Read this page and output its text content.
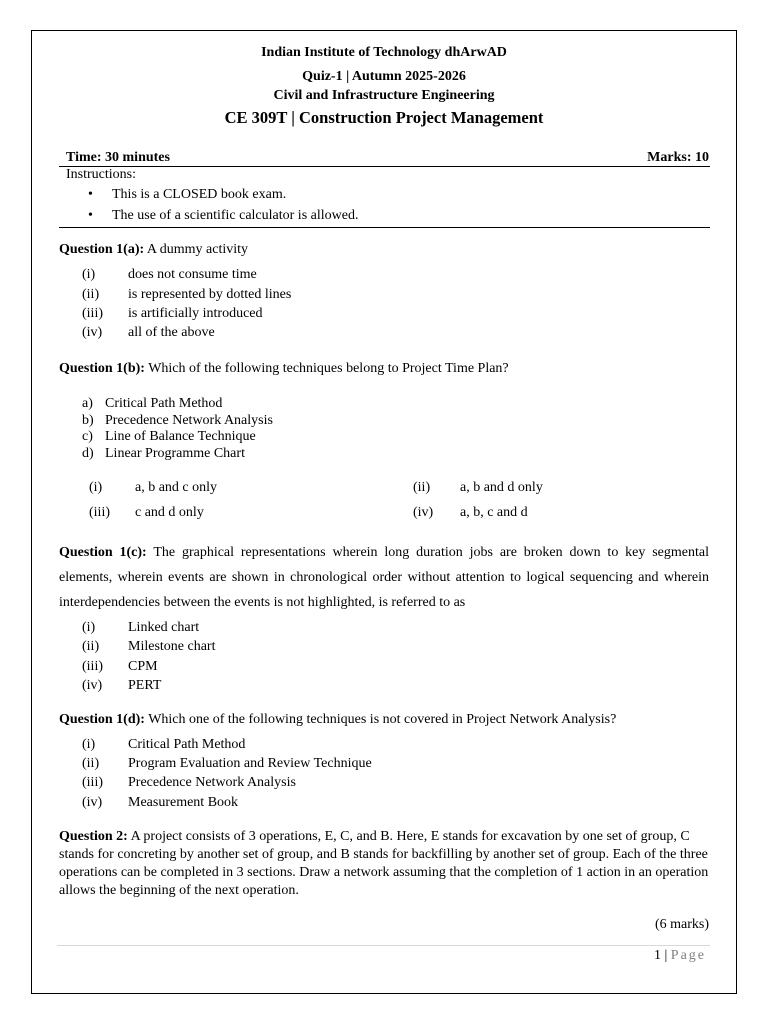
Indian Institute of Technology dhArwAD
Quiz-1 | Autumn 2025-2026
Civil and Infrastructure Engineering
CE 309T | Construction Project Management
Time: 30 minutes	Marks: 10
Instructions:
• This is a CLOSED book exam.
• The use of a scientific calculator is allowed.
Question 1(a): A dummy activity
(i) does not consume time
(ii) is represented by dotted lines
(iii) is artificially introduced
(iv) all of the above
Question 1(b): Which of the following techniques belong to Project Time Plan?
a) Critical Path Method
b) Precedence Network Analysis
c) Line of Balance Technique
d) Linear Programme Chart
(i) a, b and c only	(ii) a, b and d only
(iii) c and d only	(iv) a, b, c and d
Question 1(c): The graphical representations wherein long duration jobs are broken down to key segmental elements, wherein events are shown in chronological order without attention to logical sequencing and wherein interdependencies between the events is not highlighted, is referred to as
(i) Linked chart
(ii) Milestone chart
(iii) CPM
(iv) PERT
Question 1(d): Which one of the following techniques is not covered in Project Network Analysis?
(i) Critical Path Method
(ii) Program Evaluation and Review Technique
(iii) Precedence Network Analysis
(iv) Measurement Book
Question 2: A project consists of 3 operations, E, C, and B. Here, E stands for excavation by one set of group, C stands for concreting by another set of group, and B stands for backfilling by another set of group. Each of the three operations can be completed in 3 sections. Draw a network assuming that the completion of 1 action in an operation allows the beginning of the next operation.
(6 marks)
1 | Page
